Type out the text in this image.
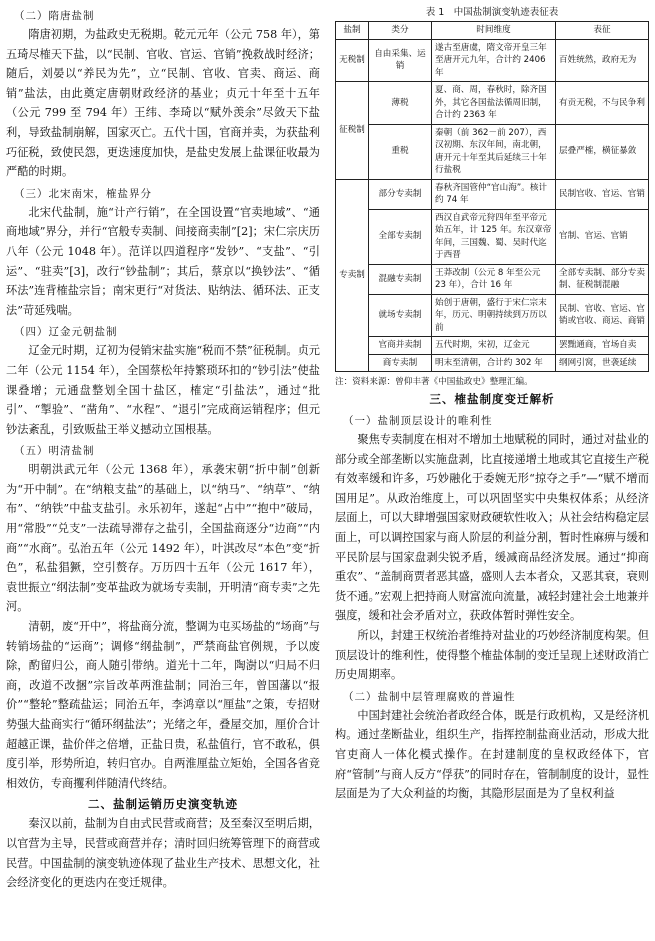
（二）隋唐盐制

隋唐初期，为盐政史无税期。乾元元年（公元 758 年），第五琦尽榷天下盐，以“民制、官收、官运、官销”挽救战时经济；随后，刘晏以“养民为先”，立“民制、官收、官卖、商运、商销”盐法，由此奠定唐朝财政经济的基业；贞元十年至十五年（公元 799 至 794 年）王纬、李琦以“赋外羡余”尽敛天下盐利，导致盐制崩解，国家灭亡。五代十国，官商并卖，为获盐利巧征税，致使民怨，更迭速度加快，是盐史发展上盐课征收最为严酷的时期。

（三）北宋南宋，榷盐界分

北宋代盐制，施“计产行销”，在全国设置“官卖地域”、“通商地域”界分，并行“官般专卖制、间接商卖制”[2]；宋仁宗庆历八年（公元 1048 年）。范详以四道程序“发钞”、“支盐”、“引运”、“驻卖”[3]，改行“钞盐制”；其后，蔡京以“换钞法”、“循环法”连背榷盐宗旨；南宋更行“对货法、贴纳法、循环法、正支法”苛延残喘。

（四）辽金元朝盐制

辽金元时期，辽初为侵销宋盐实施“税而不禁”征税制。贞元二年（公元 1154 年），全国蔡松年持繁琐环扣的“钞引法”使盐课叠增；元通盘整划全国十盐区，榷定“引盐法”，通过“批引”、“掣验”、“凿角”、“水程”、“退引”完成商运销程序；但元钞法紊乱，引致贩盐王举义撼动立国根基。

（五）明清盐制

明朝洪武元年（公元 1368 年），承袭宋朝“折中制”创新为“开中制”。在“纳粮支盐”的基础上，以“纳马”、“纳草”、“纳布”、“纳铁”中盐支盐引。永乐初年，遂起“占中”“抱中”破局，用“常股”“兑支”一法疏导滞存之盐引，全国盐商逐分“边商”“内商”“水商”。弘治五年（公元 1492 年），叶淇改尽“本色”变“折色”，私盐猖獗，空引赘存。万历四十五年（公元 1617 年），袁世振立“纲法制”变革盐政为就场专卖制，开明清“商专卖”之先河。

清朝，废“开中”，将盐商分流，整调为屯买场盐的“场商”与转销场盐的“运商”；调修“纲盐制”，严禁商盐官例规，予以废除，酌留归公，商人随引带纳。道光十二年，陶澍以“归局不归商，改道不改捆”宗旨改革两淮盐制；同治三年，曾国藩以“报价”“整轮”整疏盐运；同治五年，李鸿章以“厘盐”之策，专招财势强大盐商实行“循环纲盐法”；光绪之年，叠屋交加，厘价合计超越正课，盐价伴之倍增，正盐日贵，私盐值行，官不敢私，俱度引举，形势所迫，转归官办。自两淮厘盐立矩始，全国各省竞相效仿，专商攫利伴随清代终结。

二、盐制运销历史演变轨迹

秦汉以前，盐制为自由式民营或商营；及至秦汉至明后期，以官营为主导，民营或商营并存；清时回归统筹管理下的商营或民营。中国盐制的演变轨迹体现了盐业生产技术、思想文化，社会经济变化的更迭内在变迁规律。

表 1　中国盐制演变轨迹表征表
盐制	类分	时间维度	表征
无税制	自由采集、运销	遂古至唐虞，隋文帝开皇三年至唐开元九年，合计约 2406 年	百姓统然，政府无为
征税制	薄税	夏、商、周，春秋时，除齐国外，其它各国盐法循周旧制，合计约 2363 年	有贡无税，不与民争利
	重税	秦朝（前 362－前 207），西汉初期、东汉年间，南北朝，唐开元十年至其后延续三十年行盐税	层叠严榷，横征暴敛
专卖制	部分专卖制	春秋齐国管仲“官山海”。核计约 74 年	民制官收、官运、官销
	全部专卖制	西汉自武帝元狩四年至平帝元始五年，计 125 年。东汉章帝年间，三国魏、蜀、吴时代迄于西晋	官制、官运、官销
	混融专卖制	王莽改制（公元 8 年至公元 23 年），合计 16 年	全部专卖制、部分专卖制、征税制混融
	就场专卖制	始创于唐朝，盛行于宋仁宗末年，历元、明朝持续到万历以前	民制、官收、官运、官销或官收、商运、商销
	官商并卖制	五代时期，宋初，辽金元	罢黜通商，官场自卖
	商专卖制	明末至清朝，合计约 302 年	纲网引窝，世袭延续
注：资料来源：曾仰丰著《中国盐政史》整理汇编。
三、榷盐制度变迁解析
（一）盐制顶层设计的唯利性

聚焦专卖制度在相对不增加土地赋税的同时，通过对盐业的部分或全部垄断以实施盘剥，比直接递增土地或其它直接生产税有效率缓和许多，巧妙融化于委婉无形“掠夺之手”—“赋不增而国用足”。从政治维度上，可以巩固坚实中央集权体系；从经济层面上，可以大肆增强国家财政硬软性收入；从社会结构稳定层面上，可以调控国家与商人阶层的利益分割，暂时性麻痹与缓和平民阶层与国家盘剥尖锐矛盾，缓减商品经济发展。通过“抑商重农”、“盖制商贾者恶其盛，盛则人去本者众，又恶其衰，衰则货不通。”宏观上把持商人财富流向流量，减轻封建社会土地兼并强度，缓和社会矛盾对立，获政体暂时弹性安全。

所以，封建王权统治者维持对盐业的巧妙经济制度构架。但顶层设计的维利性，使得整个榷盐体制的变迁呈现上述财政消亡历史周期率。

（二）盐制中层管理腐败的普遍性

中国封建社会统治者政经合体，既是行政机构，又是经济机构。通过垄断盐业，组织生产，指挥控制盐商业活动，形成大批官吏商人一体化模式操作。在封建制度的皇权政经体下，官府“管制”与商人反方“俘获”的同时存在，管制制度的设计，显性层面是为了大众利益的均衡，其隐形层面是为了皇权利益
